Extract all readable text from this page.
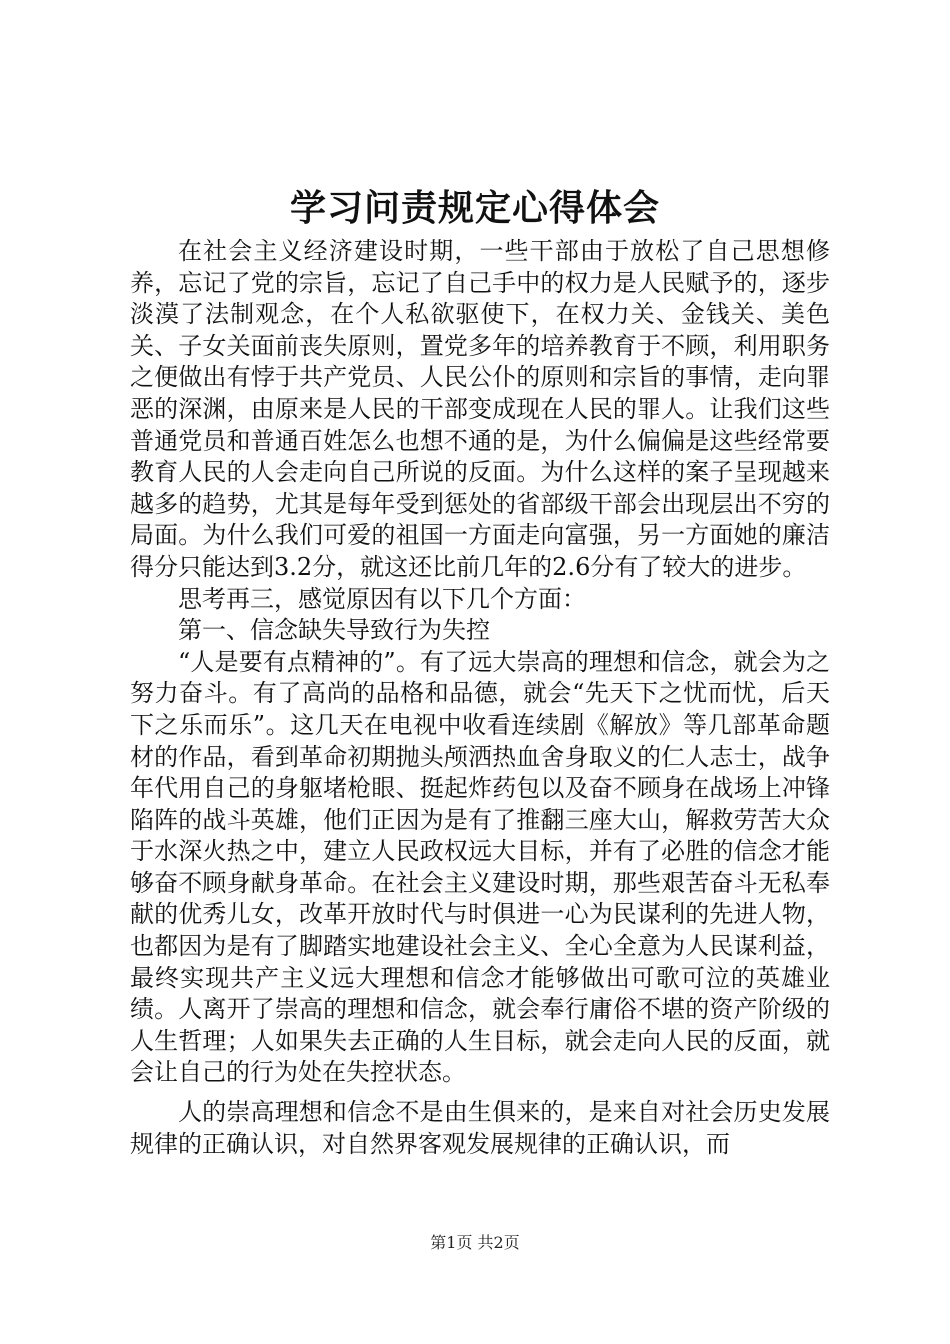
学习问责规定心得体会

在社会主义经济建设时期，一些干部由于放松了自己思想修养，忘记了党的宗旨，忘记了自己手中的权力是人民赋予的，逐步淡漠了法制观念，在个人私欲驱使下，在权力关、金钱关、美色关、子女关面前丧失原则，置党多年的培养教育于不顾，利用职务之便做出有悖于共产党员、人民公仆的原则和宗旨的事情，走向罪恶的深渊，由原来是人民的干部变成现在人民的罪人。让我们这些普通党员和普通百姓怎么也想不通的是，为什么偏偏是这些经常要教育人民的人会走向自己所说的反面。为什么这样的案子呈现越来越多的趋势，尤其是每年受到惩处的省部级干部会出现层出不穷的局面。为什么我们可爱的祖国一方面走向富强，另一方面她的廉洁得分只能达到3.2分，就这还比前几年的2.6分有了较大的进步。

思考再三，感觉原因有以下几个方面：

第一、信念缺失导致行为失控

“人是要有点精神的”。有了远大崇高的理想和信念，就会为之努力奋斗。有了高尚的品格和品德，就会“先天下之忧而忧，后天下之乐而乐”。这几天在电视中收看连续剧《解放》等几部革命题材的作品，看到革命初期抛头颅洒热血舍身取义的仁人志士，战争年代用自己的身躯堵枪眼、挺起炸药包以及奋不顾身在战场上冲锋陷阵的战斗英雄，他们正因为是有了推翻三座大山，解救劳苦大众于水深火热之中，建立人民政权远大目标，并有了必胜的信念才能够奋不顾身献身革命。在社会主义建设时期，那些艰苦奋斗无私奉献的优秀儿女，改革开放时代与时俱进一心为民谋利的先进人物，也都因为是有了脚踏实地建设社会主义、全心全意为人民谋利益，最终实现共产主义远大理想和信念才能够做出可歌可泣的英雄业绩。人离开了崇高的理想和信念，就会奉行庸俗不堪的资产阶级的人生哲理；人如果失去正确的人生目标，就会走向人民的反面，就会让自己的行为处在失控状态。

人的崇高理想和信念不是由生俱来的，是来自对社会历史发展规律的正确认识，对自然界客观发展规律的正确认识，而

第1页 共2页
